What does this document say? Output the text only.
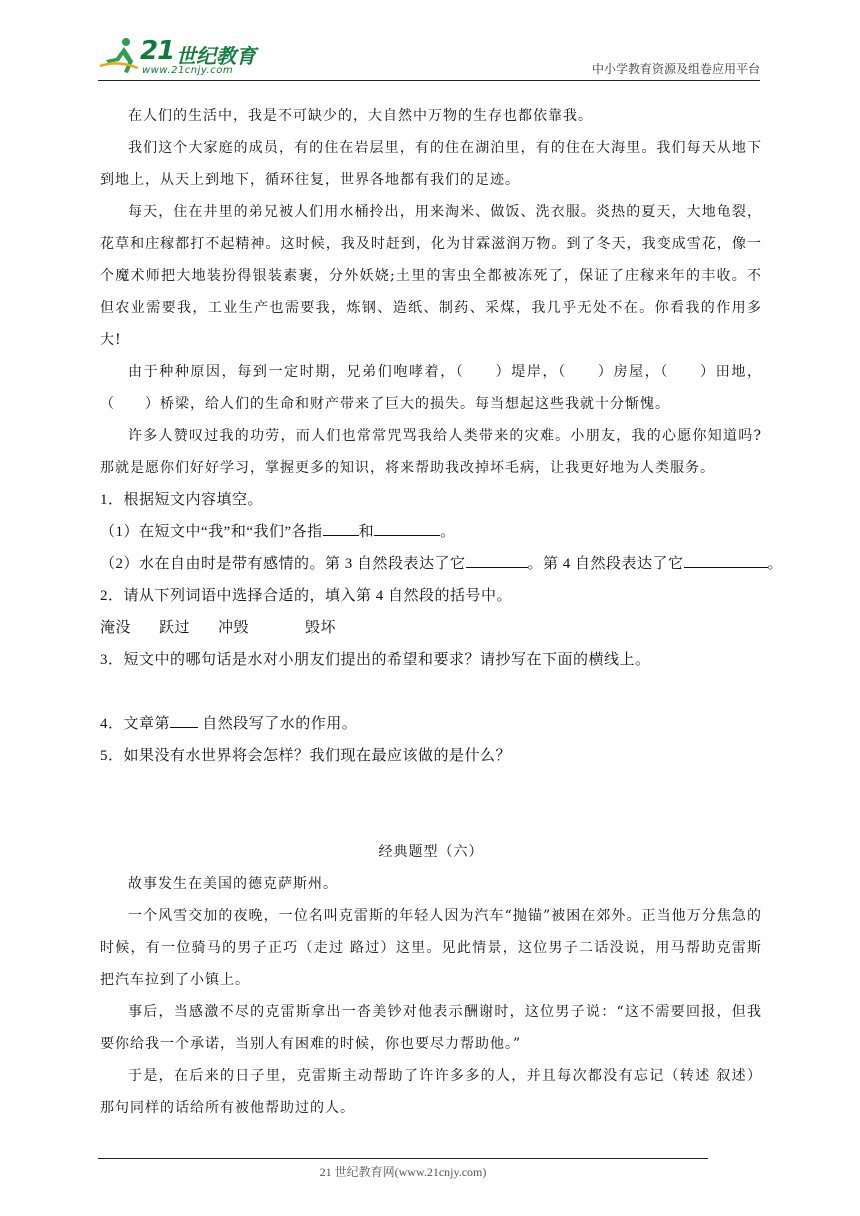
21 世纪教育
www.21cnjy.com	中小学教育资源及组卷应用平台

在人们的生活中，我是不可缺少的，大自然中万物的生存也都依靠我。

我们这个大家庭的成员，有的住在岩层里，有的住在湖泊里，有的住在大海里。我们每天从地下到地上，从天上到地下，循环往复，世界各地都有我们的足迹。

每天，住在井里的弟兄被人们用水桶拎出，用来淘米、做饭、洗衣服。炎热的夏天，大地龟裂，花草和庄稼都打不起精神。这时候，我及时赶到，化为甘霖滋润万物。到了冬天，我变成雪花，像一个魔术师把大地装扮得银装素裹，分外妖娆;土里的害虫全都被冻死了，保证了庄稼来年的丰收。不但农业需要我，工业生产也需要我，炼钢、造纸、制药、采煤，我几乎无处不在。你看我的作用多大!

由于种种原因，每到一定时期，兄弟们咆哮着，（　　）堤岸，（　　）房屋，（　　）田地，（　　）桥梁，给人们的生命和财产带来了巨大的损失。每当想起这些我就十分惭愧。

许多人赞叹过我的功劳，而人们也常常咒骂我给人类带来的灾难。小朋友，我的心愿你知道吗?那就是愿你们好好学习，掌握更多的知识，将来帮助我改掉坏毛病，让我更好地为人类服务。

1．根据短文内容填空。

（1）在短文中“我”和“我们”各指 和	。

（2）水在自由时是带有感情的。第 3 自然段表达了它	。第 4 自然段表达了它	。

2．请从下列词语中选择合适的，填入第 4 自然段的括号中。

淹没 跃过 冲毁	毁坏

3．短文中的哪句话是水对小朋友们提出的希望和要求？请抄写在下面的横线上。

4．文章第 自然段写了水的作用。

5．如果没有水世界将会怎样？我们现在最应该做的是什么？

经典题型（六）

故事发生在美国的德克萨斯州。

一个风雪交加的夜晚，一位名叫克雷斯的年轻人因为汽车“抛锚”被困在郊外。正当他万分焦急的时候，有一位骑马的男子正巧（走过 路过）这里。见此情景，这位男子二话没说，用马帮助克雷斯把汽车拉到了小镇上。

事后，当感激不尽的克雷斯拿出一沓美钞对他表示酬谢时，这位男子说：“这不需要回报，但我要你给我一个承诺，当别人有困难的时候，你也要尽力帮助他。”

于是，在后来的日子里，克雷斯主动帮助了许许多多的人，并且每次都没有忘记（转述 叙述）那句同样的话给所有被他帮助过的人。

21 世纪教育网(www.21cnjy.com)
